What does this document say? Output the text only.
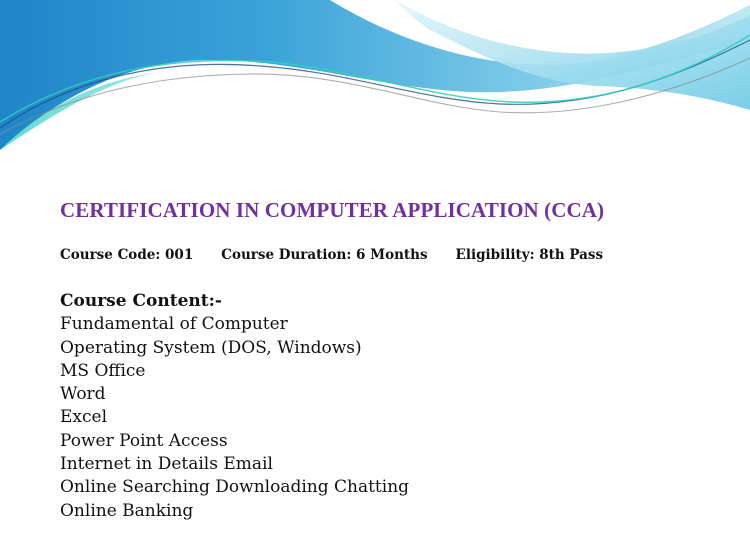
CERTIFICATION IN COMPUTER APPLICATION (CCA)
Course Code: 001 Course Duration: 6 Months Eligibility: 8th Pass
Course Content:-
Fundamental of Computer
Operating System (DOS, Windows)
MS Office
Word
Excel
Power Point Access
Internet in Details Email
Online Searching Downloading Chatting
Online Banking
